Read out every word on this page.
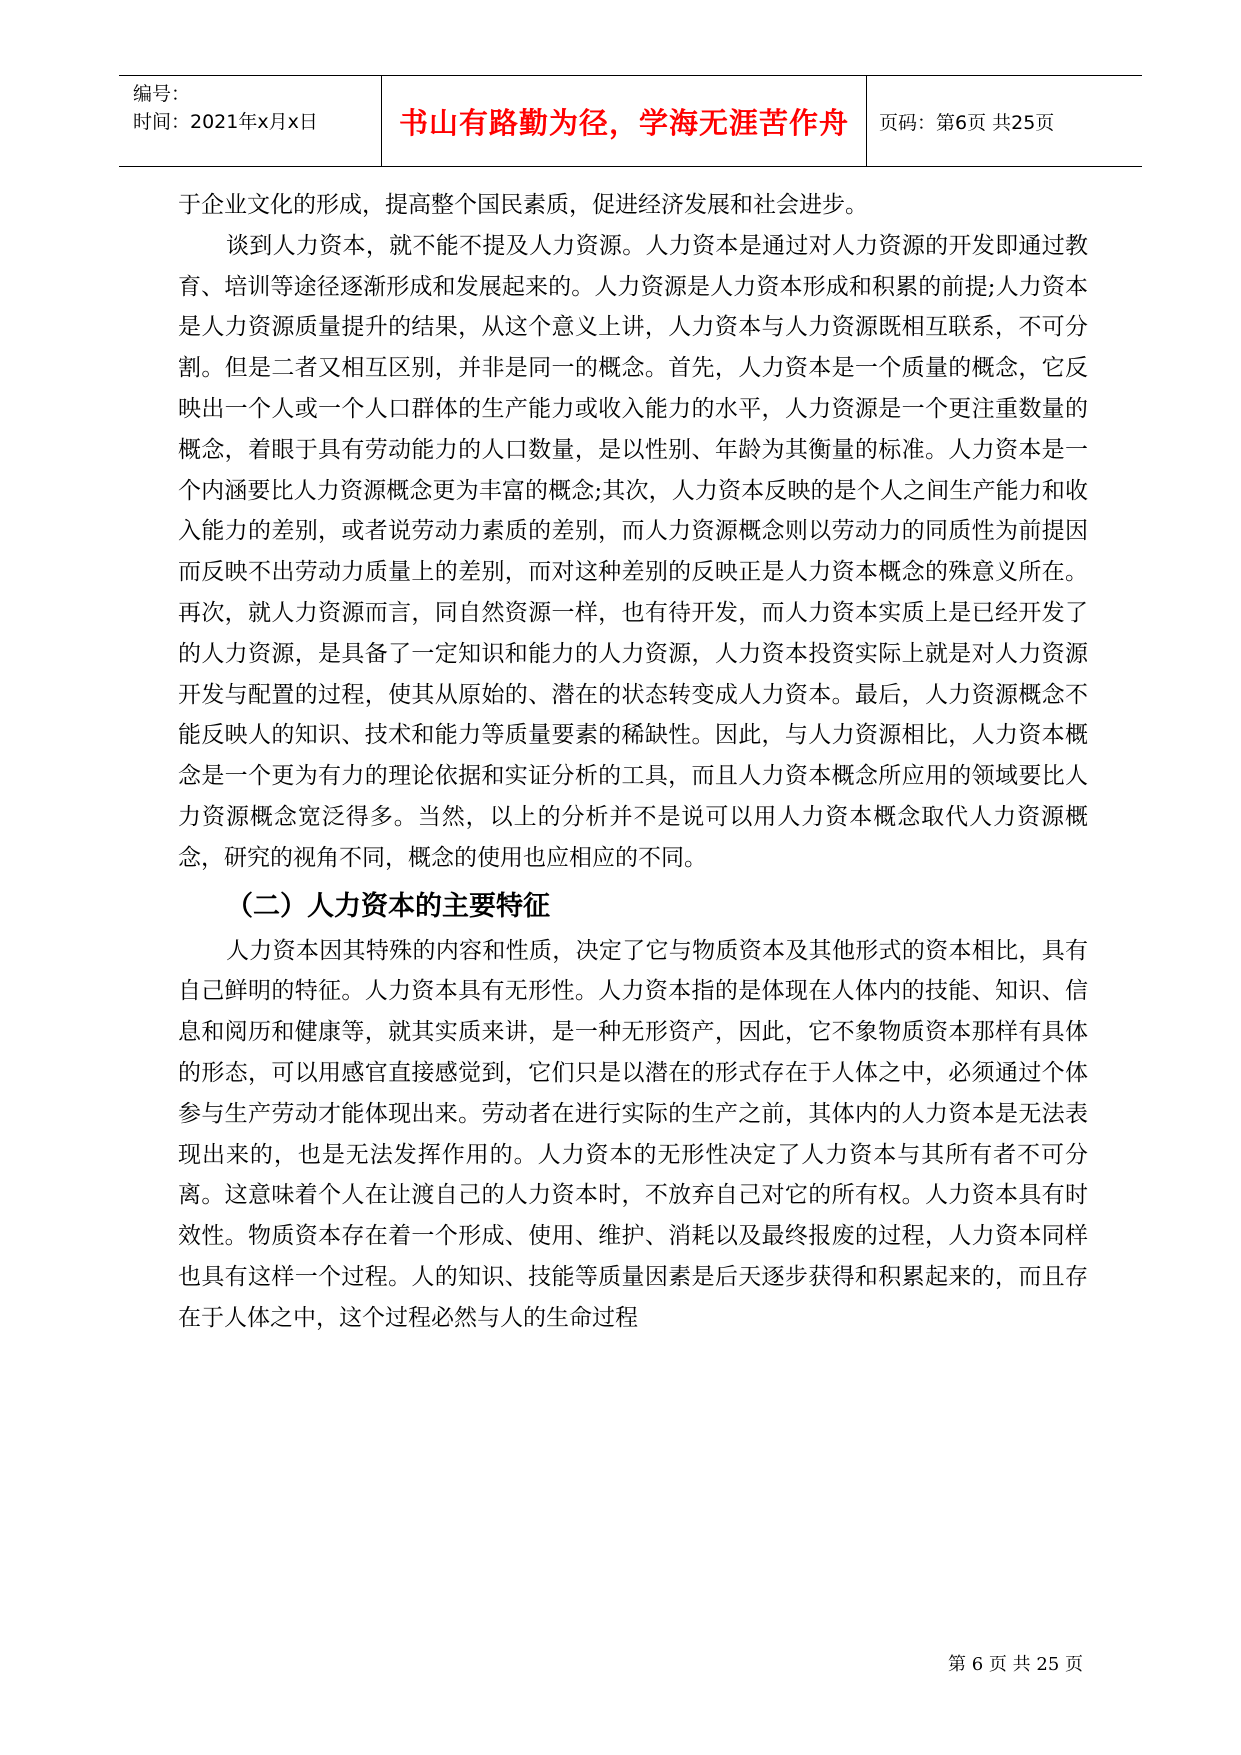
编号：
时间：2021年x月x日	书山有路勤为径，学海无涯苦作舟	页码：第6页 共25页

于企业文化的形成，提高整个国民素质，促进经济发展和社会进步。

谈到人力资本，就不能不提及人力资源。人力资本是通过对人力资源的开发即通过教育、培训等途径逐渐形成和发展起来的。人力资源是人力资本形成和积累的前提;人力资本是人力资源质量提升的结果，从这个意义上讲，人力资本与人力资源既相互联系，不可分割。但是二者又相互区别，并非是同一的概念。首先，人力资本是一个质量的概念，它反映出一个人或一个人口群体的生产能力或收入能力的水平，人力资源是一个更注重数量的概念，着眼于具有劳动能力的人口数量，是以性别、年龄为其衡量的标准。人力资本是一个内涵要比人力资源概念更为丰富的概念;其次，人力资本反映的是个人之间生产能力和收入能力的差别，或者说劳动力素质的差别，而人力资源概念则以劳动力的同质性为前提因而反映不出劳动力质量上的差别，而对这种差别的反映正是人力资本概念的殊意义所在。再次，就人力资源而言，同自然资源一样，也有待开发，而人力资本实质上是已经开发了的人力资源，是具备了一定知识和能力的人力资源，人力资本投资实际上就是对人力资源开发与配置的过程，使其从原始的、潜在的状态转变成人力资本。最后，人力资源概念不能反映人的知识、技术和能力等质量要素的稀缺性。因此，与人力资源相比，人力资本概念是一个更为有力的理论依据和实证分析的工具，而且人力资本概念所应用的领域要比人力资源概念宽泛得多。当然，以上的分析并不是说可以用人力资本概念取代人力资源概念，研究的视角不同，概念的使用也应相应的不同。

（二）人力资本的主要特征

人力资本因其特殊的内容和性质，决定了它与物质资本及其他形式的资本相比，具有自己鲜明的特征。人力资本具有无形性。人力资本指的是体现在人体内的技能、知识、信息和阅历和健康等，就其实质来讲，是一种无形资产，因此，它不象物质资本那样有具体的形态，可以用感官直接感觉到，它们只是以潜在的形式存在于人体之中，必须通过个体参与生产劳动才能体现出来。劳动者在进行实际的生产之前，其体内的人力资本是无法表现出来的，也是无法发挥作用的。人力资本的无形性决定了人力资本与其所有者不可分离。这意味着个人在让渡自己的人力资本时，不放弃自己对它的所有权。人力资本具有时效性。物质资本存在着一个形成、使用、维护、消耗以及最终报废的过程，人力资本同样也具有这样一个过程。人的知识、技能等质量因素是后天逐步获得和积累起来的，而且存在于人体之中，这个过程必然与人的生命过程

第 6 页 共 25 页
